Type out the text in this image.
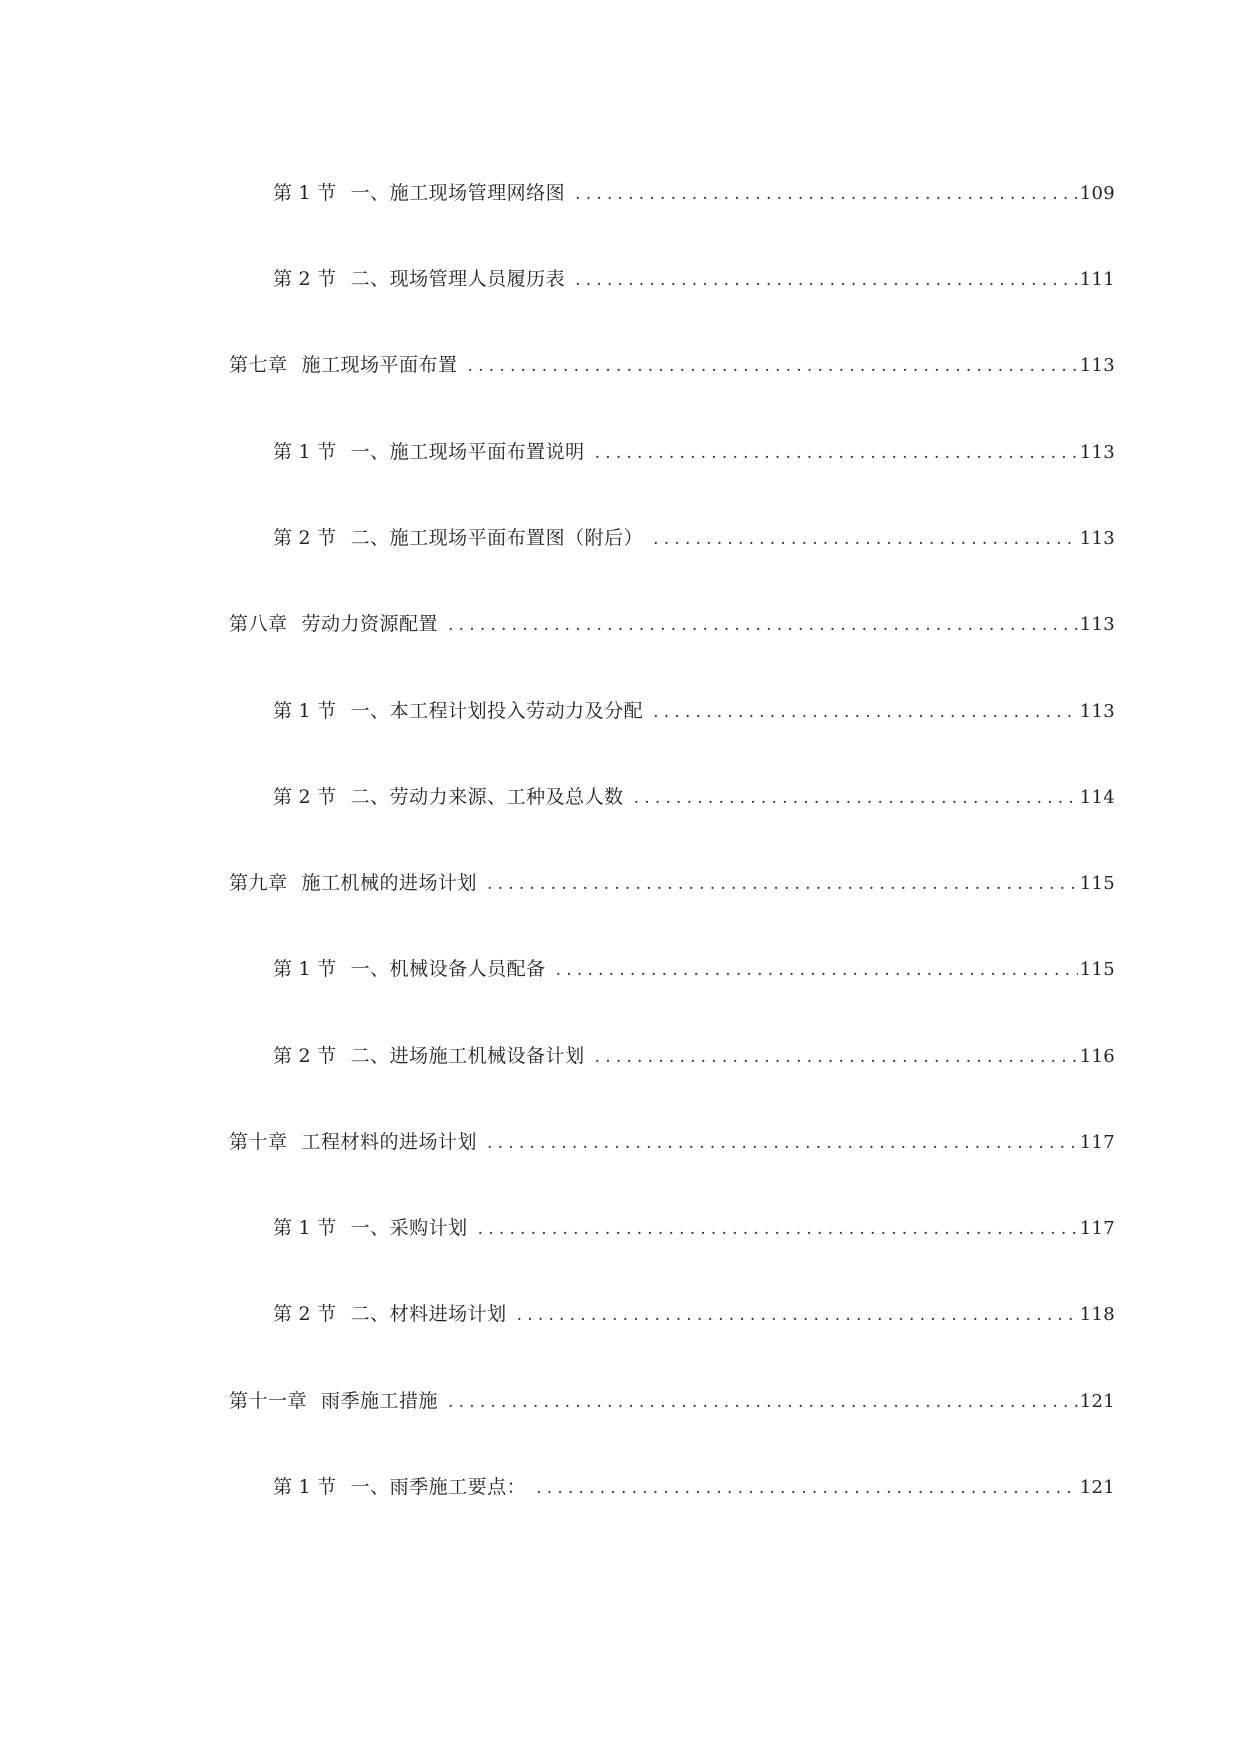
第 1 节 一、施工现场管理网络图 .....	109
第 2 节 二、现场管理人员履历表 .....	111
第七章 施工现场平面布置 .....	113
第 1 节 一、施工现场平面布置说明 .....	113
第 2 节 二、施工现场平面布置图（附后） .....	113
第八章 劳动力资源配置 .....	113
第 1 节 一、本工程计划投入劳动力及分配 .....	113
第 2 节 二、劳动力来源、工种及总人数 .....	114
第九章 施工机械的进场计划 .....	115
第 1 节 一、机械设备人员配备 .....	115
第 2 节 二、进场施工机械设备计划 .....	116
第十章 工程材料的进场计划 .....	117
第 1 节 一、采购计划 .....	117
第 2 节 二、材料进场计划 .....	118
第十一章 雨季施工措施 .....	121
第 1 节 一、雨季施工要点： .....	121
